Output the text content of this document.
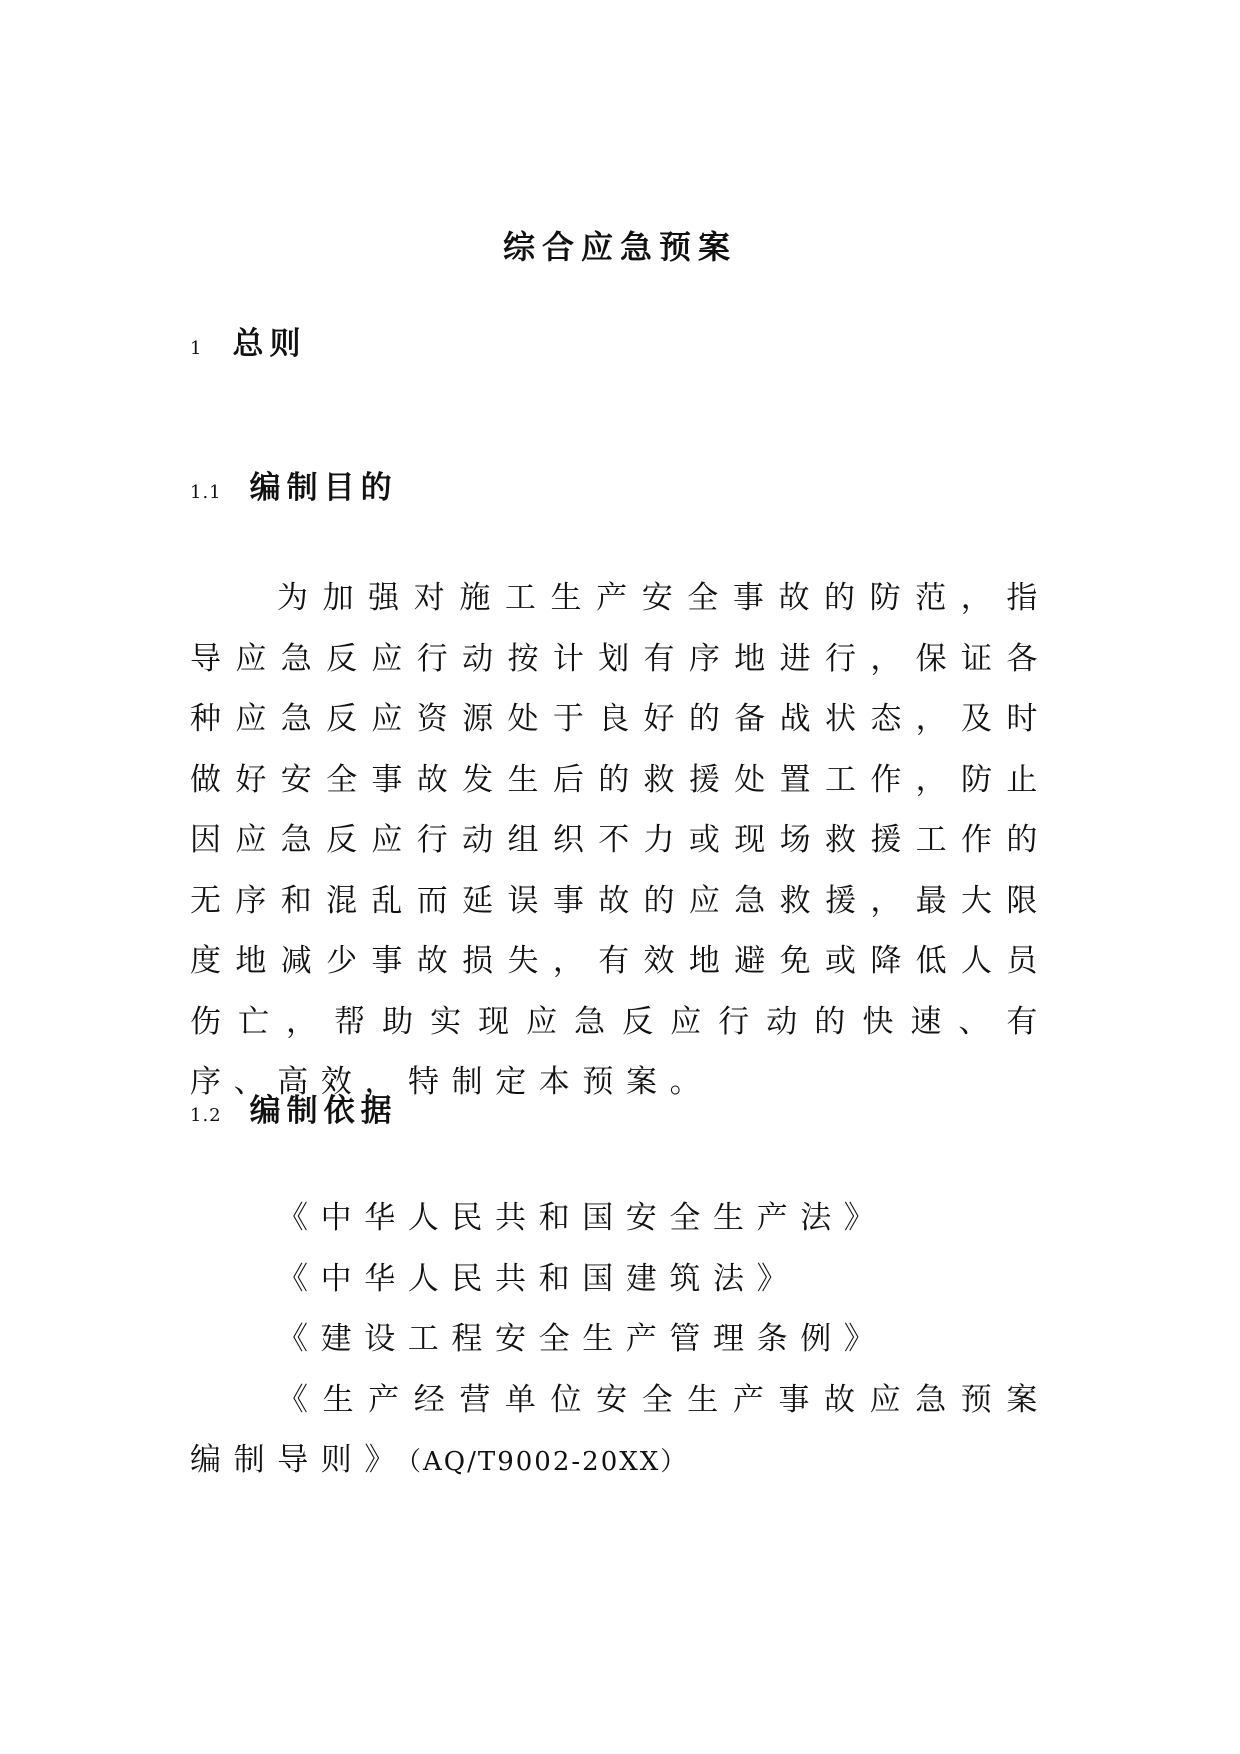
综合应急预案
1 总则
1.1 编制目的

为加强对施工生产安全事故的防范，指导应急反应行动按计划有序地进行，保证各种应急反应资源处于良好的备战状态，及时做好安全事故发生后的救援处置工作，防止因应急反应行动组织不力或现场救援工作的无序和混乱而延误事故的应急救援，最大限度地减少事故损失，有效地避免或降低人员伤亡，帮助实现应急反应行动的快速、有序、高效，特制定本预案。

1.2 编制依据
《中华人民共和国安全生产法》
《中华人民共和国建筑法》
《建设工程安全生产管理条例》
《生产经营单位安全生产事故应急预案编制导则》（AQ/T9002-20XX）
